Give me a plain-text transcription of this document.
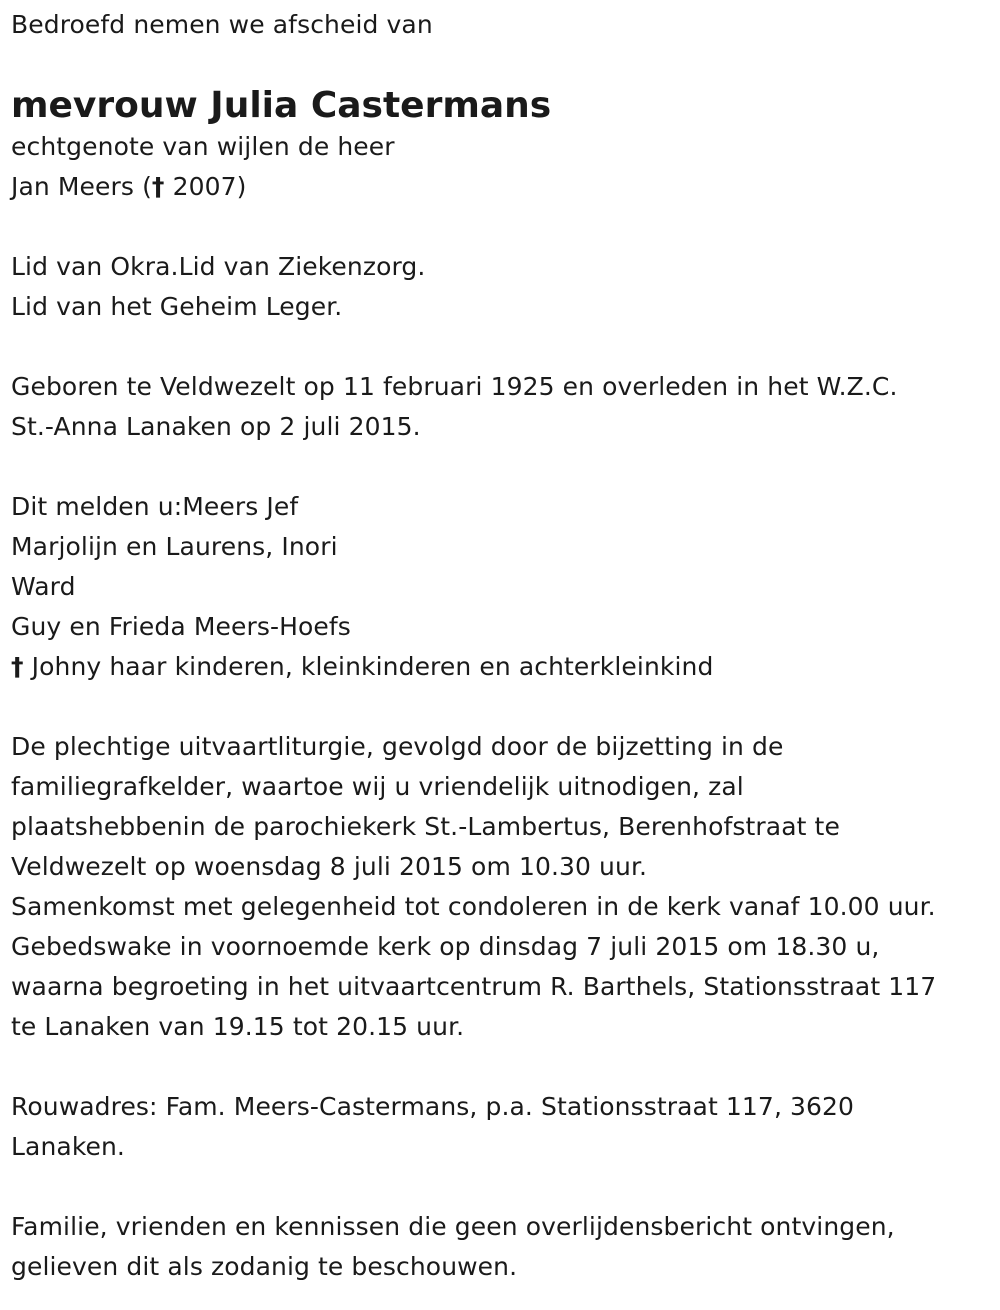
Bedroefd nemen we afscheid van
mevrouw Julia Castermans
echtgenote van wijlen de heer
Jan Meers († 2007)
Lid van Okra.Lid van Ziekenzorg.
Lid van het Geheim Leger.
Geboren te Veldwezelt op 11 februari 1925 en overleden in het W.Z.C.
St.-Anna Lanaken op 2 juli 2015.
Dit melden u:Meers Jef
Marjolijn en Laurens, Inori
Ward
Guy en Frieda Meers-Hoefs
† Johny haar kinderen, kleinkinderen en achterkleinkind
De plechtige uitvaartliturgie, gevolgd door de bijzetting in de
familiegrafkelder, waartoe wij u vriendelijk uitnodigen, zal
plaatshebbenin de parochiekerk St.-Lambertus, Berenhofstraat te
Veldwezelt op woensdag 8 juli 2015 om 10.30 uur.
Samenkomst met gelegenheid tot condoleren in de kerk vanaf 10.00 uur.
Gebedswake in voornoemde kerk op dinsdag 7 juli 2015 om 18.30 u,
waarna begroeting in het uitvaartcentrum R. Barthels, Stationsstraat 117
te Lanaken van 19.15 tot 20.15 uur.
Rouwadres: Fam. Meers-Castermans, p.a. Stationsstraat 117, 3620
Lanaken.
Familie, vrienden en kennissen die geen overlijdensbericht ontvingen,
gelieven dit als zodanig te beschouwen.
